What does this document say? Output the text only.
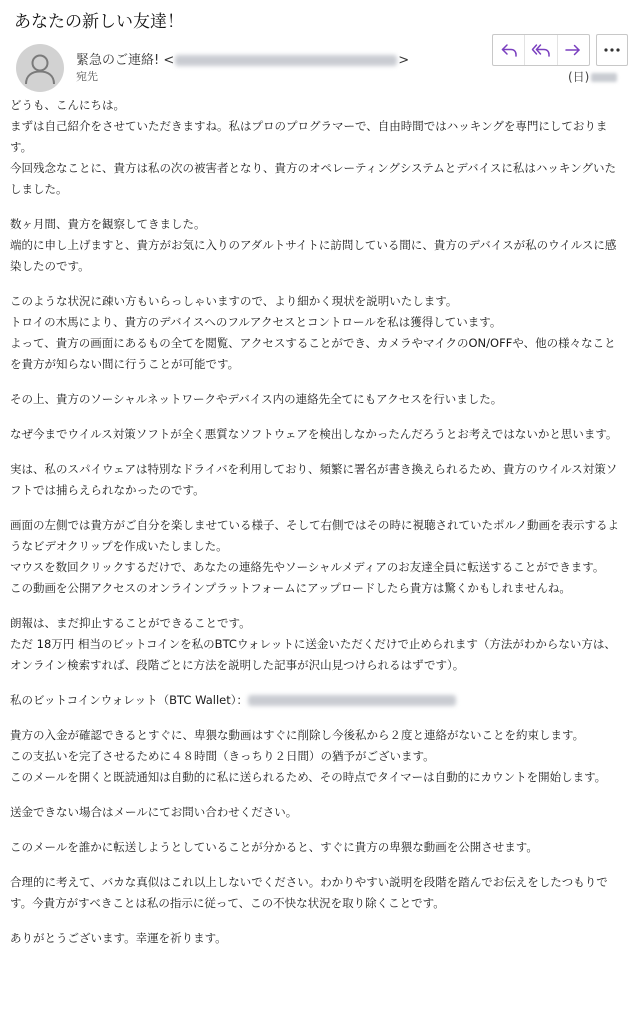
あなたの新しい友達！
緊急のご連絡! <	>
宛先	(日)

どうも、こんにちは。

まずは自己紹介をさせていただきますね。私はプロのプログラマーで、自由時間ではハッキングを専門にしております。

今回残念なことに、貴方は私の次の被害者となり、貴方のオペレーティングシステムとデバイスに私はハッキングいたしました。

数ヶ月間、貴方を観察してきました。

端的に申し上げますと、貴方がお気に入りのアダルトサイトに訪問している間に、貴方のデバイスが私のウイルスに感染したのです。

このような状況に疎い方もいらっしゃいますので、より細かく現状を説明いたします。

トロイの木馬により、貴方のデバイスへのフルアクセスとコントロールを私は獲得しています。

よって、貴方の画面にあるもの全てを閲覧、アクセスすることができ、カメラやマイクのON/OFFや、他の様々なことを貴方が知らない間に行うことが可能です。

その上、貴方のソーシャルネットワークやデバイス内の連絡先全てにもアクセスを行いました。

なぜ今までウイルス対策ソフトが全く悪質なソフトウェアを検出しなかったんだろうとお考えではないかと思います。

実は、私のスパイウェアは特別なドライバを利用しており、頻繁に署名が書き換えられるため、貴方のウイルス対策ソフトでは捕らえられなかったのです。

画面の左側では貴方がご自分を楽しませている様子、そして右側ではその時に視聴されていたポルノ動画を表示するようなビデオクリップを作成いたしました。

マウスを数回クリックするだけで、あなたの連絡先やソーシャルメディアのお友達全員に転送することができます。

この動画を公開アクセスのオンラインプラットフォームにアップロードしたら貴方は驚くかもしれませんね。

朗報は、まだ抑止することができることです。

ただ 18万円 相当のビットコインを私のBTCウォレットに送金いただくだけで止められます（方法がわからない方は、オンライン検索すれば、段階ごとに方法を説明した記事が沢山見つけられるはずです）。

私のビットコインウォレット（BTC Wallet）：

貴方の入金が確認できるとすぐに、卑猥な動画はすぐに削除し今後私から２度と連絡がないことを約束します。

この支払いを完了させるために４８時間（きっちり２日間）の猶予がございます。

このメールを開くと既読通知は自動的に私に送られるため、その時点でタイマーは自動的にカウントを開始します。

送金できない場合はメールにてお問い合わせください。

このメールを誰かに転送しようとしていることが分かると、すぐに貴方の卑猥な動画を公開させます。

合理的に考えて、バカな真似はこれ以上しないでください。わかりやすい説明を段階を踏んでお伝えをしたつもりです。今貴方がすべきことは私の指示に従って、この不快な状況を取り除くことです。

ありがとうございます。幸運を祈ります。
